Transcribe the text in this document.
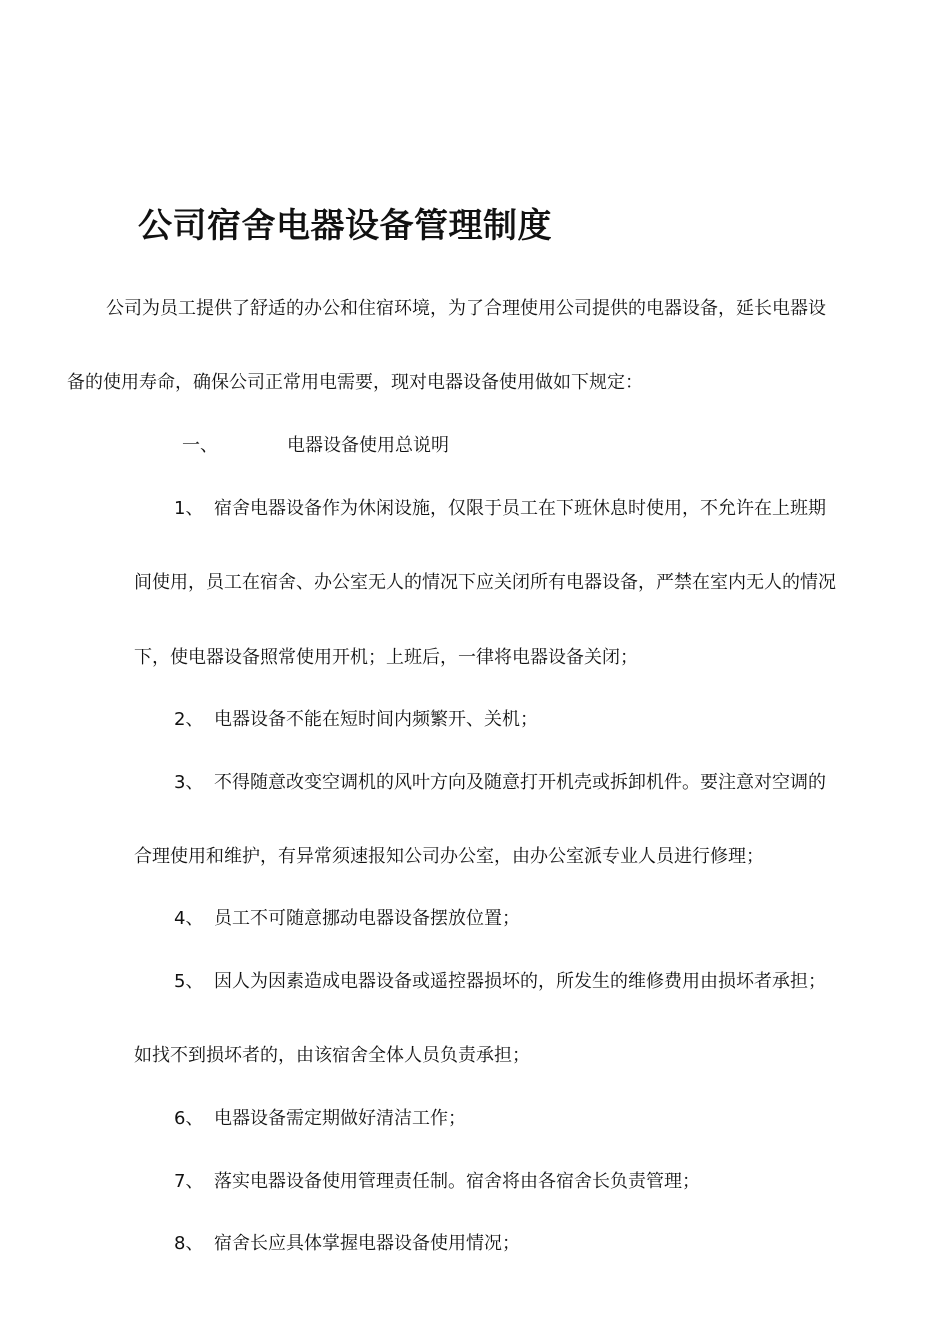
公司宿舍电器设备管理制度
公司为员工提供了舒适的办公和住宿环境，为了合理使用公司提供的电器设备，延长电器设
备的使用寿命，确保公司正常用电需要，现对电器设备使用做如下规定：
一、	电器设备使用总说明
1、 宿舍电器设备作为休闲设施，仅限于员工在下班休息时使用，不允许在上班期
间使用，员工在宿舍、办公室无人的情况下应关闭所有电器设备，严禁在室内无人的情况
下，使电器设备照常使用开机；上班后，一律将电器设备关闭；
2、 电器设备不能在短时间内频繁开、关机；
3、 不得随意改变空调机的风叶方向及随意打开机壳或拆卸机件。要注意对空调的
合理使用和维护，有异常须速报知公司办公室，由办公室派专业人员进行修理；
4、 员工不可随意挪动电器设备摆放位置；
5、 因人为因素造成电器设备或遥控器损坏的，所发生的维修费用由损坏者承担；
如找不到损坏者的，由该宿舍全体人员负责承担；
6、 电器设备需定期做好清洁工作；
7、 落实电器设备使用管理责任制。宿舍将由各宿舍长负责管理；
8、 宿舍长应具体掌握电器设备使用情况；
